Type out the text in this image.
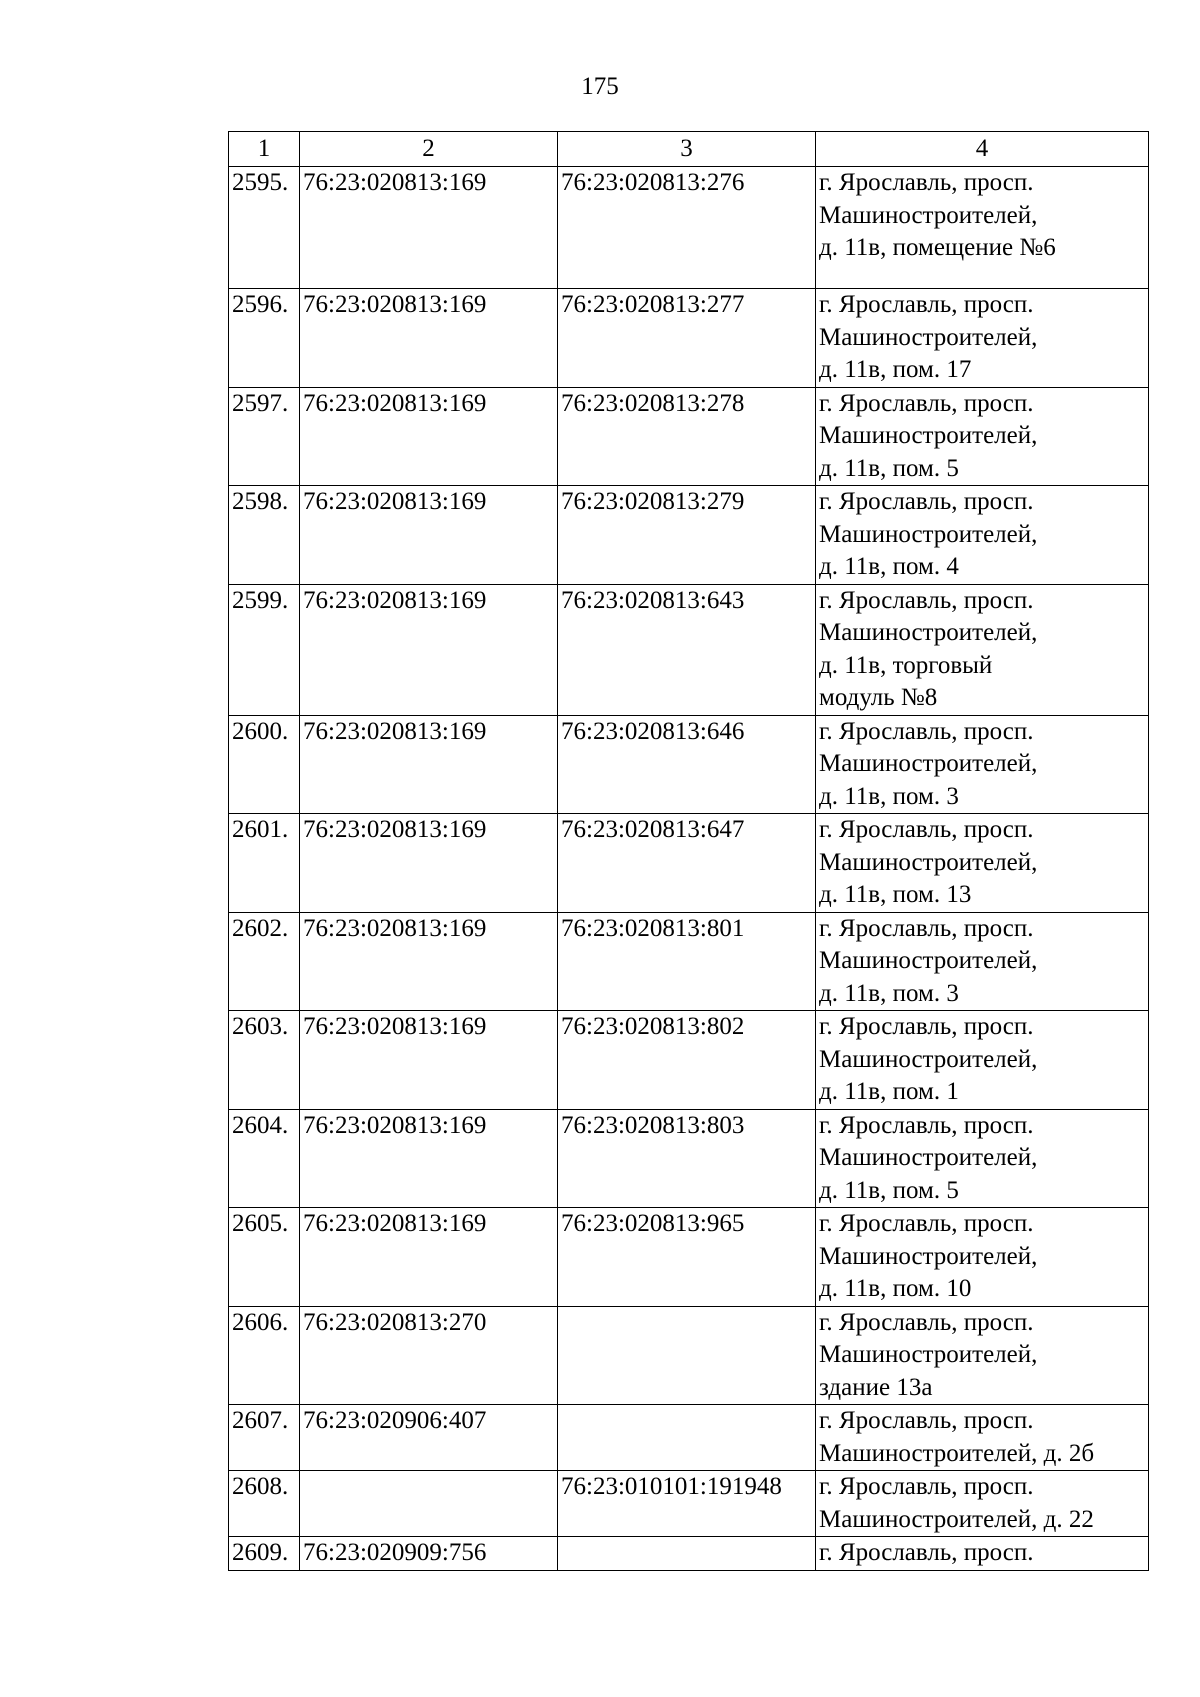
175
1	2	3	4
2595.	76:23:020813:169	76:23:020813:276	г. Ярославль, просп.
Машиностроителей,
д. 11в, помещение №6

2596.	76:23:020813:169	76:23:020813:277	г. Ярославль, просп.
Машиностроителей,
д. 11в, пом. 17

2597.	76:23:020813:169	76:23:020813:278	г. Ярославль, просп.
Машиностроителей,
д. 11в, пом. 5

2598.	76:23:020813:169	76:23:020813:279	г. Ярославль, просп.
Машиностроителей,
д. 11в, пом. 4

2599.	76:23:020813:169	76:23:020813:643	г. Ярославль, просп.
Машиностроителей,
д. 11в, торговый
модуль №8

2600.	76:23:020813:169	76:23:020813:646	г. Ярославль, просп.
Машиностроителей,
д. 11в, пом. 3

2601.	76:23:020813:169	76:23:020813:647	г. Ярославль, просп.
Машиностроителей,
д. 11в, пом. 13

2602.	76:23:020813:169	76:23:020813:801	г. Ярославль, просп.
Машиностроителей,
д. 11в, пом. 3

2603.	76:23:020813:169	76:23:020813:802	г. Ярославль, просп.
Машиностроителей,
д. 11в, пом. 1

2604.	76:23:020813:169	76:23:020813:803	г. Ярославль, просп.
Машиностроителей,
д. 11в, пом. 5

2605.	76:23:020813:169	76:23:020813:965	г. Ярославль, просп.
Машиностроителей,
д. 11в, пом. 10

2606.	76:23:020813:270		г. Ярославль, просп.
Машиностроителей,
здание 13а

2607.	76:23:020906:407		г. Ярославль, просп.
Машиностроителей, д. 2б

2608.		76:23:010101:191948	г. Ярославль, просп.
Машиностроителей, д. 22

2609.	76:23:020909:756		г. Ярославль, просп.
